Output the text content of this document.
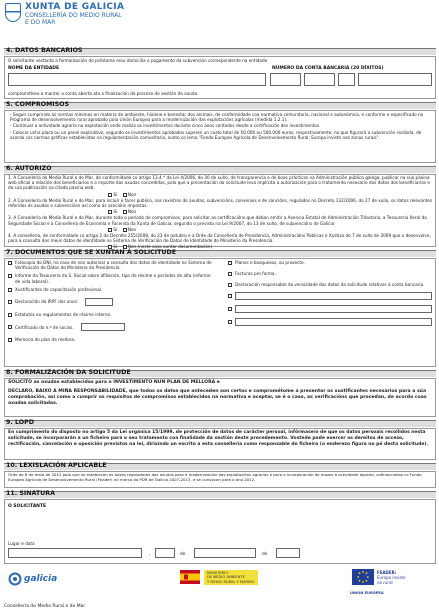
XUNTA DE GALICIA
CONSELLERÍA DO MEDIO RURAL
E DO MAR
4. DATOS BANCARIOS
O solicitante vostanta a formalización do préstamo e/ou domicilia o pagamento da subvención correspondente na entidade
NOME DA ENTIDADE	NÚMERO DA CONTA BANCARIA (20 DÍXITOS)
comprométese a manter a conta aberta ata a finalización do proceso de xestión da axuda.
5. COMPROMISOS
- Seguir cumprindo as normas mínimas en materia de ambiente, hixiene e benestar dos animais, de conformidade coa normativa comunitaria, nacional e autonómica, e conforme o especificado no Programa de desenvolvemento rural aprobado pola Unión Europea para a modernización das explotacións agrícolas (medida 1.2.1).
- Continuar a actividade agraria na explotación onde realiza os investimentos durante cinco anos contados desde a certificación dos investimentos.
- Colocar unha placa ou un panel explicativo, segundo os investimentos aprobados superen un custo total de 50.000 ou 500.000 euros, respectivamente, no que figurará a subvención recibida, de acordo cos normas gráficas establecidas na regulamentación comunitaria, xunto co lema "Fondo Europeo Agrícola de Desenvolvemento Rural: Europa inviste nas zonas rurais".
6. AUTORIZO
1. A Consellería do Medio Rural e do Mar, de conformidade co artigo 13.4.* da Lei 4/2006, do 30 de xuño, de transparencia e de boas prácticas na Administración pública galega, publicar na súa páxina web oficial a relación dos beneficiarios e o importe das axudas concedidas, polo que a presentación da solicitude leva implícita a autorización para o tratamento necesario dos datos dos beneficiarios e da súa publicación na citada páxina web.
Sí	Non
2. A Consellería do Medio Rural e do Mar, para incluír e facer público, nos rexistros de axudas, subvencións, convenios e de sancións, regulados no Decreto 132/2006, do 27 de xullo, os datos relevantes referidos ás axudas e subvencións así como ás sancións impostas.
Sí	Non
3. A Consellería do Medio Rural e do Mar, durante todo o período de compromisos, para solicitar as certificacións que deban emitir a Axencia Estatal de Administración Tributaria, a Tesourería Xeral da Seguridade Social e a Consellería de Economía e Facenda da Xunta de Galicia, segundo o previsto na Lei 9/2007, do 13 de xuño, de subvencións de Galicia
Sí	Non
4. A consellería, de conformidade co artigo 2 do Decreto 255/2008, do 23 de outubro e a Orde da Consellería de Presidencia, Administracións Públicas e Xustiza do 7 de xullo de 2009 que o desenvolve, para a consulta dos meus datos de identidade no Sistema de Verificación de Datos de Identidade do Ministerio da Presidencia.
Sí	Non (neste caso xuntar documentación)
7. DOCUMENTOS QUE SE XUNTAN Á SOLICITUDE
Fotocopia do DNI, no caso de non autorizar a consulta dos datos de identidade no Sistema de Verificación de Datos do Ministerio da Presidencia.
Informe da Tesourería da S. Social sobre afiliación, tipo de réxime e períodos de alta (informe de vida laboral).
Xustificantes de capacitación profesional.
Declaración do IRPF dos anos:
Estatutos ou regulamentos de réxime interno.
Certificado do n.º de socios.
Memoria do plan de mellora.
Planos e bosquexos, ou proxecto.
Facturas pro forma.
Declaración responsable da veracidade dos datos da solicitude relativos á conta bancaria.
8. FORMALIZACIÓN DA SOLICITUDE
SOLICITO as axudas establecidas para o INVESTIMENTO NUN PLAN DE MELLORA e
DECLARO, BAIXO A MIÑA RESPONSABILIDADE, que todos os datos que anteceden son certos e comprométome a presentar os xustificantes necesarios para a súa comprobación, así como a cumprir os requisitos de compromisos establecidos na normativa e aceptar, se é o caso, as verificacións que procedan, de acordo coas axudas solicitadas.
9. LOPD
En cumprimento do disposto no artigo 5 da Lei orgánica 15/1999, de protección de datos de carácter persoal, infórmase/o de que os datos persoais recollidos nesta solicitude, se incorporarán a un ficheiro para o seu tratamento coa finalidade da xestión deste procedemento. Vostede pode exercer os dereitos de acceso, rectificación, cancelación e oposición previstos na lei, dirixindo un escrito a esta consellería como responsable do ficheiro (o enderezo figura no pé desta solicitude).
10. LEXISLACIÓN APLICABLE
Orde do 8 de maio de 2012 pola que se establecen as bases reguladoras das axudas para a modernización das explotacións agrarias e para a incorporación de mozos á actividade agraria, cofinanciadas co Fondo Europeo Agrícola de Desenvolvemento Rural (Feader) no marco do PDR de Galicia 2007-2013, e se convocan para o ano 2012.
11. SINATURA
O SOLICITANTE
Lugar e data
,	de	de
galicia
MINISTERIO
DE MEDIO AMBIENTE
Y MEDIO RURAL Y MARINO
FEADER:
Europa inviste
no rural
UNIÓN EUROPEA
Consellería do Medio Rural e do Mar
